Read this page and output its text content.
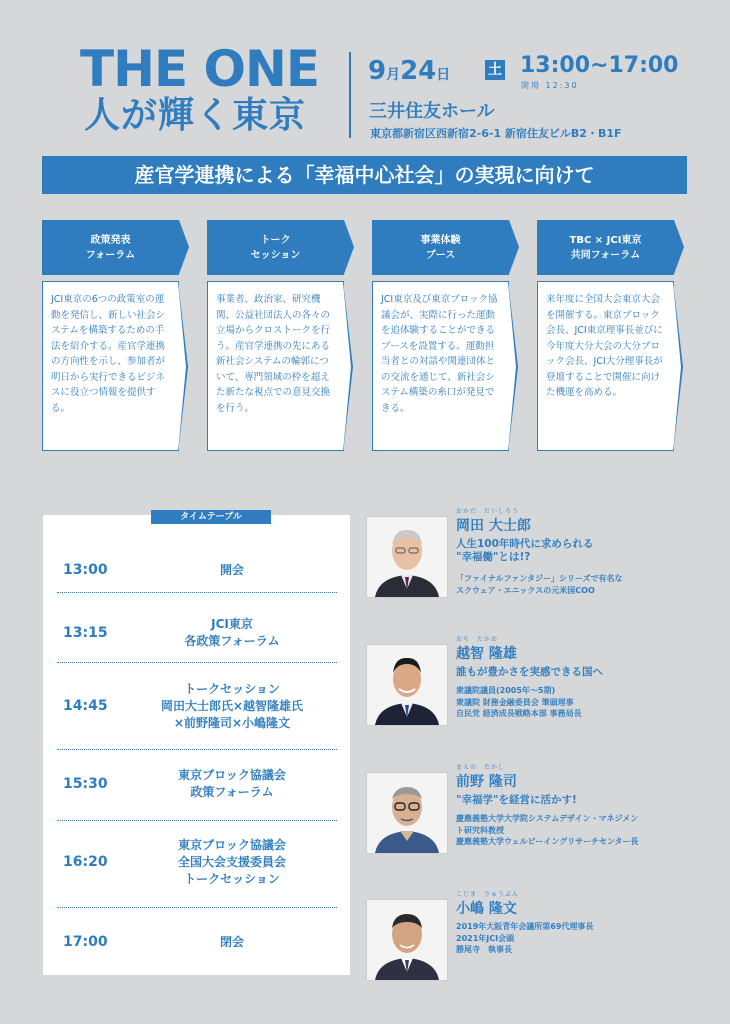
THE ONE
人が輝く東京
9月24日	土 13:00~17:00
開場 12:30
三井住友ホール
東京都新宿区西新宿2-6-1 新宿住友ビルB2・B1F
産官学連携による「幸福中心社会」の実現に向けて
政策発表
フォーラム
JCI東京の6つの政策室の運動を発信し、新しい社会システムを構築するための手法を紹介する。産官学連携の方向性を示し、参加者が明日から実行できるビジネスに役立つ情報を提供する。
トーク
セッション
事業者、政治家、研究機関、公益社団法人の各々の立場からクロストークを行う。産官学連携の先にある新社会システムの輪郭について、専門領域の枠を超えた新たな視点での意見交換を行う。
事業体験
ブース
JCI東京及び東京ブロック協議会が、実際に行った運動を追体験することができるブースを設置する。運動担当者との対話や関連団体との交流を通じて、新社会システム構築の糸口が発見できる。
TBC × JCI東京
共同フォーラム
来年度に全国大会東京大会を開催する。東京ブロック会長、JCI東京理事長並びに今年度大分大会の大分ブロック会長、JCI大分理事長が登壇することで開催に向けた機運を高める。
タイムテーブル
13:00	開会
13:15
JCI東京
各政策フォーラム
14:45
トークセッション
岡田大士郎氏×越智隆雄氏
×前野隆司×小嶋隆文
15:30
東京ブロック協議会
政策フォーラム
16:20
東京ブロック協議会
全国大会支援委員会
トークセッション
17:00	閉会
おかだ　だいしろう
岡田 大士郎
人生100年時代に求められる
"幸福働"とは!?
「ファイナルファンタジー」シリーズで有名な
スクウェア・エニックスの元米国COO
おち　たかお
越智 隆雄
誰もが豊かさを実感できる国へ
衆議院議員(2005年〜5期)
衆議院 財務金融委員会 筆頭理事
自民党 経済成長戦略本部 事務局長
まえの　たかし
前野 隆司
"幸福学"を経営に活かす!
慶應義塾大学大学院システムデザイン・マネジメン
ト研究科教授
慶應義塾大学ウェルビーイングリサーチセンター長
こじま　りゅうぶん
小嶋 隆文
2019年大阪青年会議所第69代理事長
2021年JCI会頭
勝尾寺　執事長
